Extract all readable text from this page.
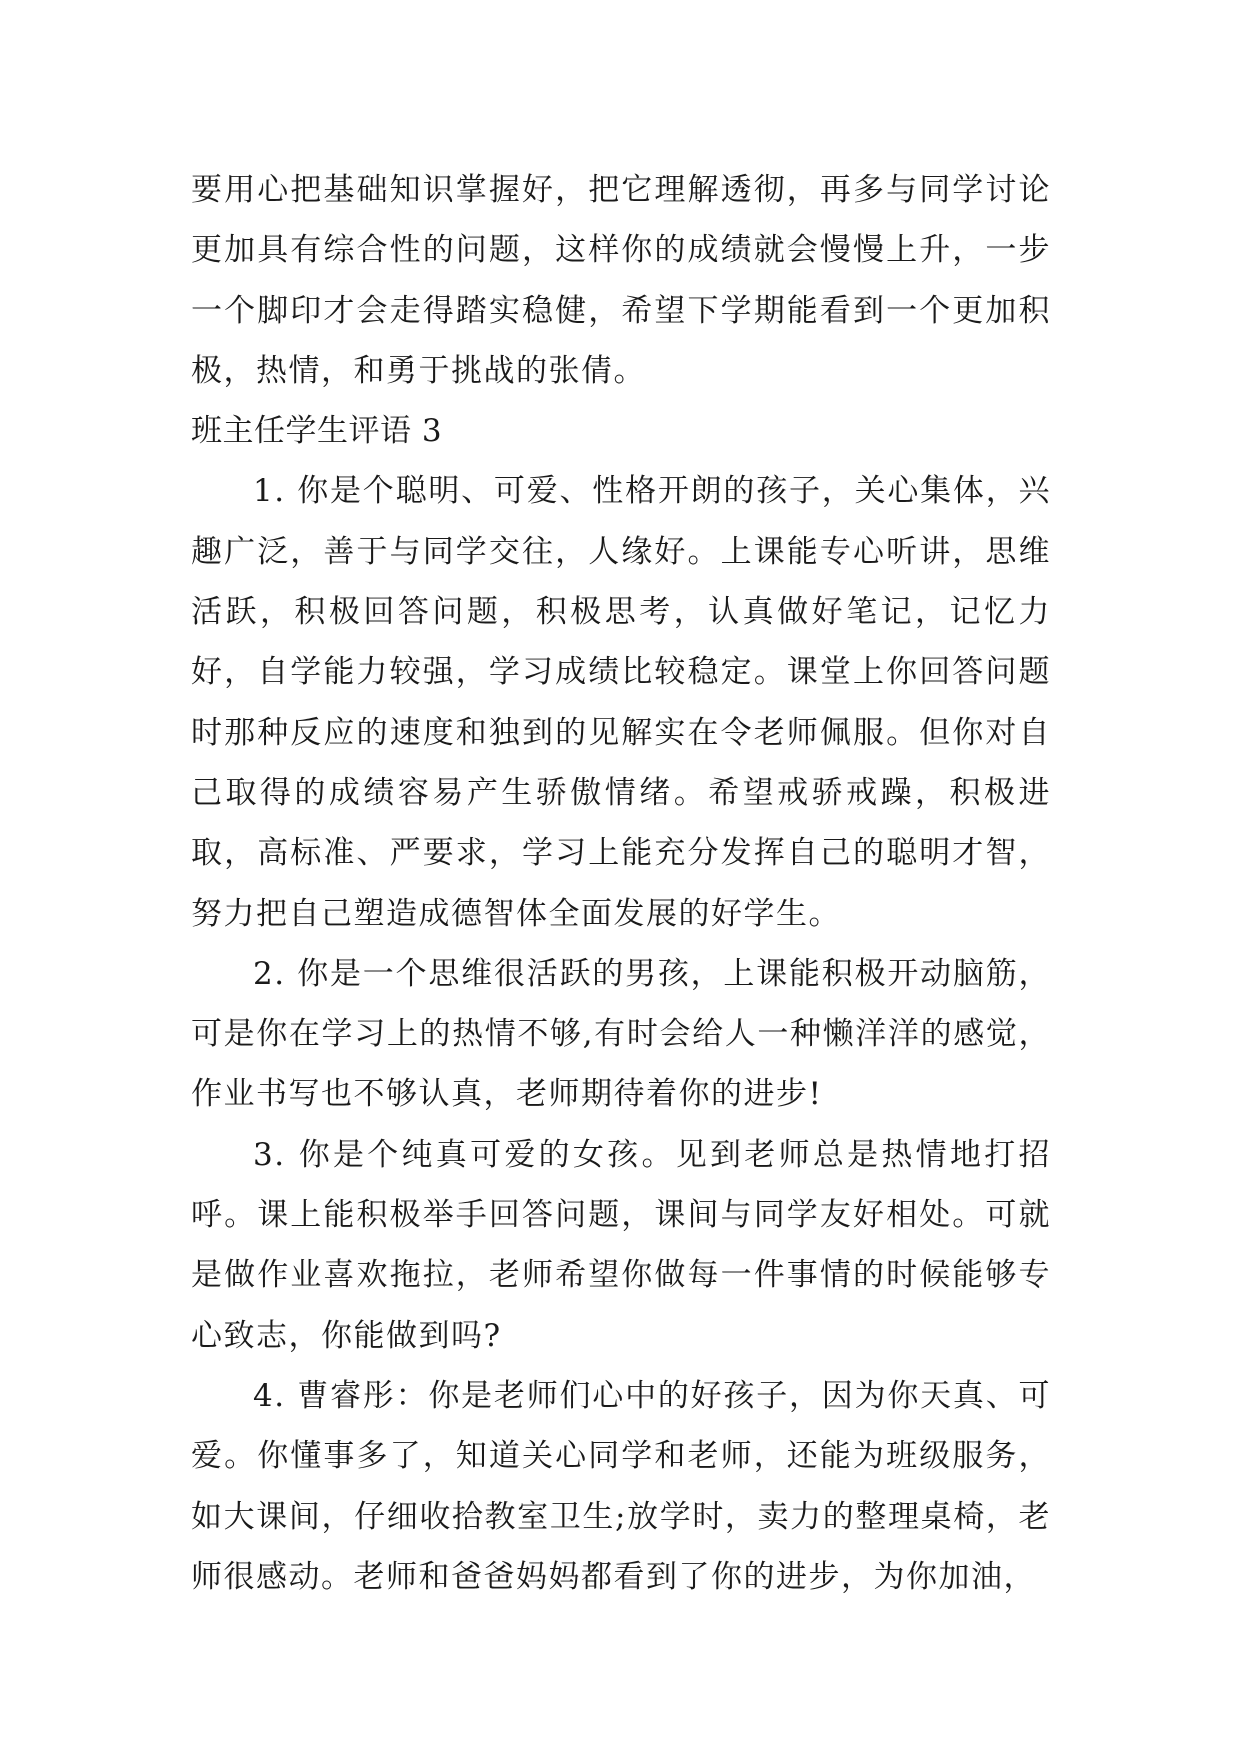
要用心把基础知识掌握好，把它理解透彻，再多与同学讨论更加具有综合性的问题，这样你的成绩就会慢慢上升，一步一个脚印才会走得踏实稳健，希望下学期能看到一个更加积极，热情，和勇于挑战的张倩。

班主任学生评语 3

1. 你是个聪明、可爱、性格开朗的孩子，关心集体，兴趣广泛，善于与同学交往，人缘好。上课能专心听讲，思维活跃，积极回答问题，积极思考，认真做好笔记，记忆力好，自学能力较强，学习成绩比较稳定。课堂上你回答问题时那种反应的速度和独到的见解实在令老师佩服。但你对自己取得的成绩容易产生骄傲情绪。希望戒骄戒躁，积极进取，高标准、严要求，学习上能充分发挥自己的聪明才智，努力把自己塑造成德智体全面发展的好学生。

2. 你是一个思维很活跃的男孩，上课能积极开动脑筋，可是你在学习上的热情不够,有时会给人一种懒洋洋的感觉，作业书写也不够认真，老师期待着你的进步!

3. 你是个纯真可爱的女孩。见到老师总是热情地打招呼。课上能积极举手回答问题，课间与同学友好相处。可就是做作业喜欢拖拉，老师希望你做每一件事情的时候能够专心致志，你能做到吗?

4. 曹睿彤：你是老师们心中的好孩子，因为你天真、可爱。你懂事多了，知道关心同学和老师，还能为班级服务，如大课间，仔细收拾教室卫生;放学时，卖力的整理桌椅，老师很感动。老师和爸爸妈妈都看到了你的进步，为你加油，
